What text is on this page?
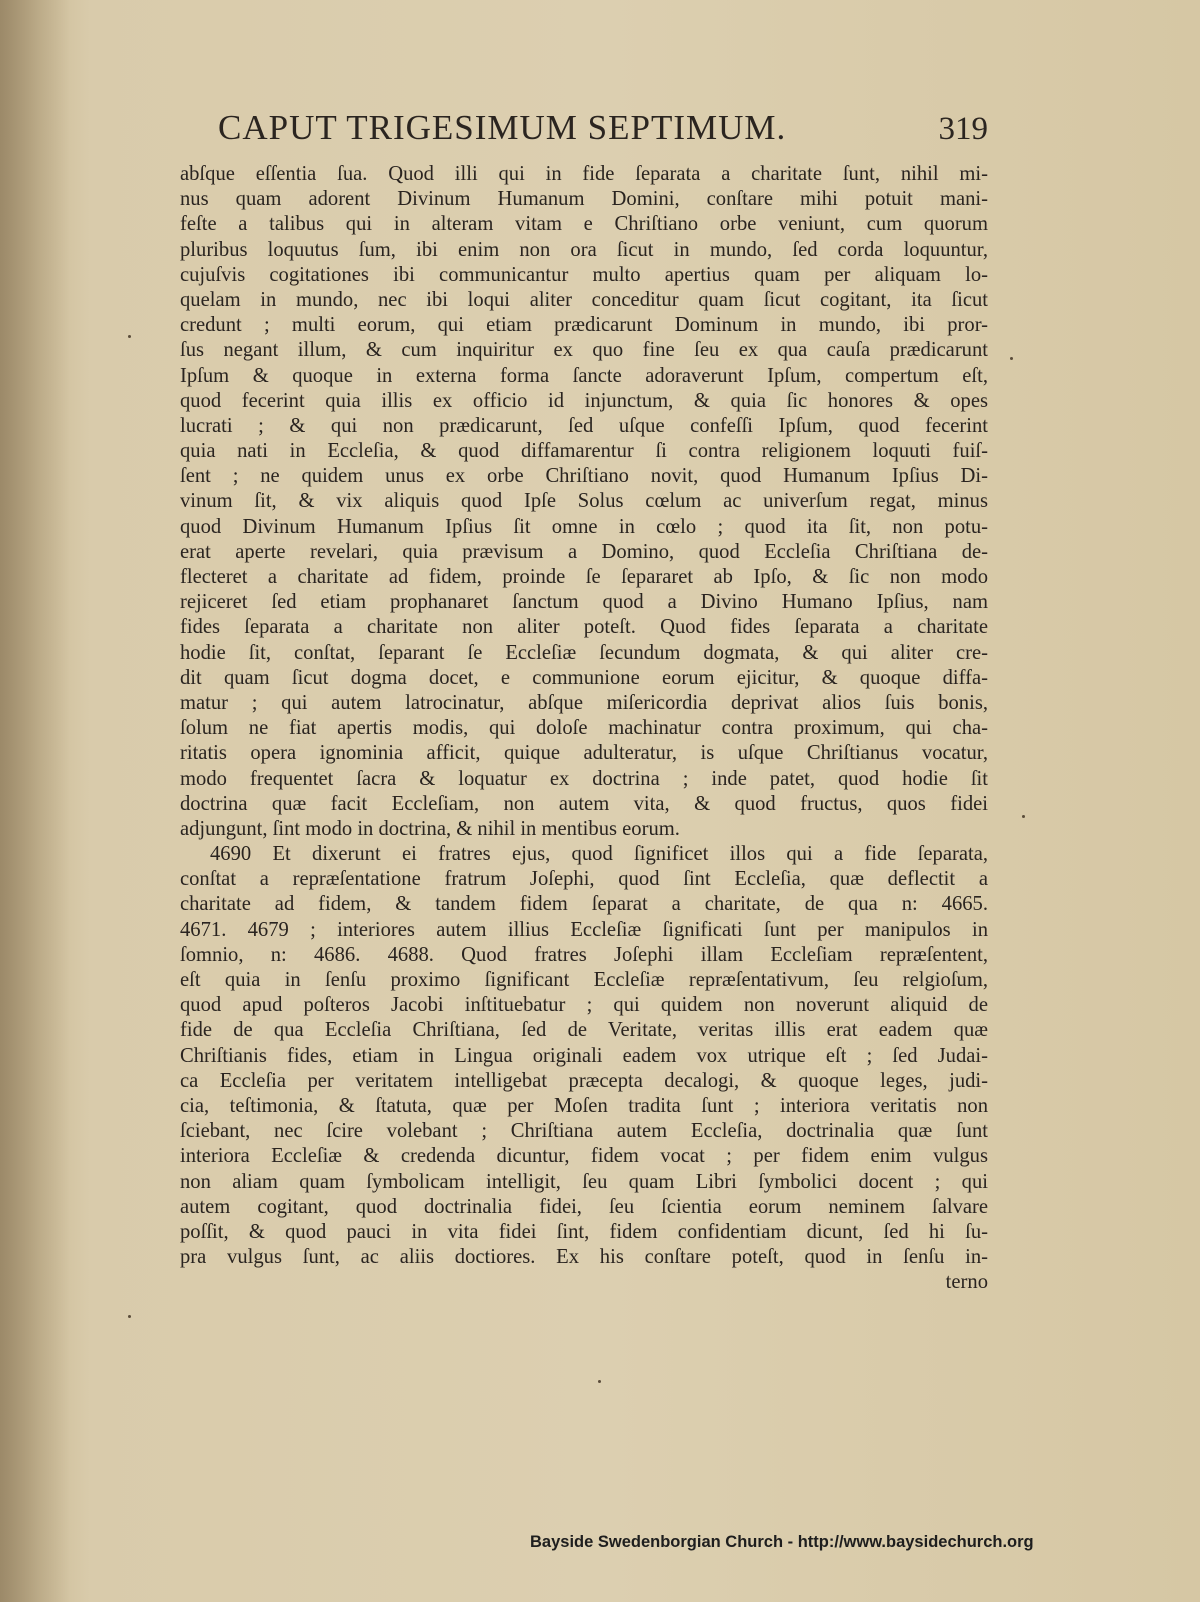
CAPUT TRIGESIMUM SEPTIMUM.	319
abſque eſſentia ſua. Quod illi qui in fide ſeparata a charitate ſunt, nihil mi-
nus quam adorent Divinum Humanum Domini, conſtare mihi potuit mani-
feſte a talibus qui in alteram vitam e Chriſtiano orbe veniunt, cum quorum
pluribus loquutus ſum, ibi enim non ora ſicut in mundo, ſed corda loquuntur,
cujuſvis cogitationes ibi communicantur multo apertius quam per aliquam lo-
quelam in mundo, nec ibi loqui aliter conceditur quam ſicut cogitant, ita ſicut
credunt ; multi eorum, qui etiam prædicarunt Dominum in mundo, ibi pror-
ſus negant illum, & cum inquiritur ex quo fine ſeu ex qua cauſa prædicarunt
Ipſum & quoque in externa forma ſancte adoraverunt Ipſum, compertum eſt,
quod fecerint quia illis ex officio id injunctum, & quia ſic honores & opes
lucrati ; & qui non prædicarunt, ſed uſque confeſſi Ipſum, quod fecerint
quia nati in Eccleſia, & quod diffamarentur ſi contra religionem loquuti fuiſ-
ſent ; ne quidem unus ex orbe Chriſtiano novit, quod Humanum Ipſius Di-
vinum ſit, & vix aliquis quod Ipſe Solus cœlum ac univerſum regat, minus
quod Divinum Humanum Ipſius ſit omne in cœlo ; quod ita ſit, non potu-
erat aperte revelari, quia prævisum a Domino, quod Eccleſia Chriſtiana de-
flecteret a charitate ad fidem, proinde ſe ſepararet ab Ipſo, & ſic non modo
rejiceret ſed etiam prophanaret ſanctum quod a Divino Humano Ipſius, nam
fides ſeparata a charitate non aliter poteſt. Quod fides ſeparata a charitate
hodie ſit, conſtat, ſeparant ſe Eccleſiæ ſecundum dogmata, & qui aliter cre-
dit quam ſicut dogma docet, e communione eorum ejicitur, & quoque diffa-
matur ; qui autem latrocinatur, abſque miſericordia deprivat alios ſuis bonis,
ſolum ne fiat apertis modis, qui doloſe machinatur contra proximum, qui cha-
ritatis opera ignominia afficit, quique adulteratur, is uſque Chriſtianus vocatur,
modo frequentet ſacra & loquatur ex doctrina ; inde patet, quod hodie ſit
doctrina quæ facit Eccleſiam, non autem vita, & quod fructus, quos fidei
adjungunt, ſint modo in doctrina, & nihil in mentibus eorum.
4690 Et dixerunt ei fratres ejus, quod ſignificet illos qui a fide ſeparata,
conſtat a repræſentatione fratrum Joſephi, quod ſint Eccleſia, quæ deflectit a
charitate ad fidem, & tandem fidem ſeparat a charitate, de qua n: 4665.
4671. 4679 ; interiores autem illius Eccleſiæ ſignificati ſunt per manipulos in
ſomnio, n: 4686. 4688. Quod fratres Joſephi illam Eccleſiam repræſentent,
eſt quia in ſenſu proximo ſignificant Eccleſiæ repræſentativum, ſeu relgioſum,
quod apud poſteros Jacobi inſtituebatur ; qui quidem non noverunt aliquid de
fide de qua Eccleſia Chriſtiana, ſed de Veritate, veritas illis erat eadem quæ
Chriſtianis fides, etiam in Lingua originali eadem vox utrique eſt ; ſed Judai-
ca Eccleſia per veritatem intelligebat præcepta decalogi, & quoque leges, judi-
cia, teſtimonia, & ſtatuta, quæ per Moſen tradita ſunt ; interiora veritatis non
ſciebant, nec ſcire volebant ; Chriſtiana autem Eccleſia, doctrinalia quæ ſunt
interiora Eccleſiæ & credenda dicuntur, fidem vocat ; per fidem enim vulgus
non aliam quam ſymbolicam intelligit, ſeu quam Libri ſymbolici docent ; qui
autem cogitant, quod doctrinalia fidei, ſeu ſcientia eorum neminem ſalvare
poſſit, & quod pauci in vita fidei ſint, fidem confidentiam dicunt, ſed hi ſu-
pra vulgus ſunt, ac aliis doctiores. Ex his conſtare poteſt, quod in ſenſu in-
terno
Bayside Swedenborgian Church - http://www.baysidechurch.org
